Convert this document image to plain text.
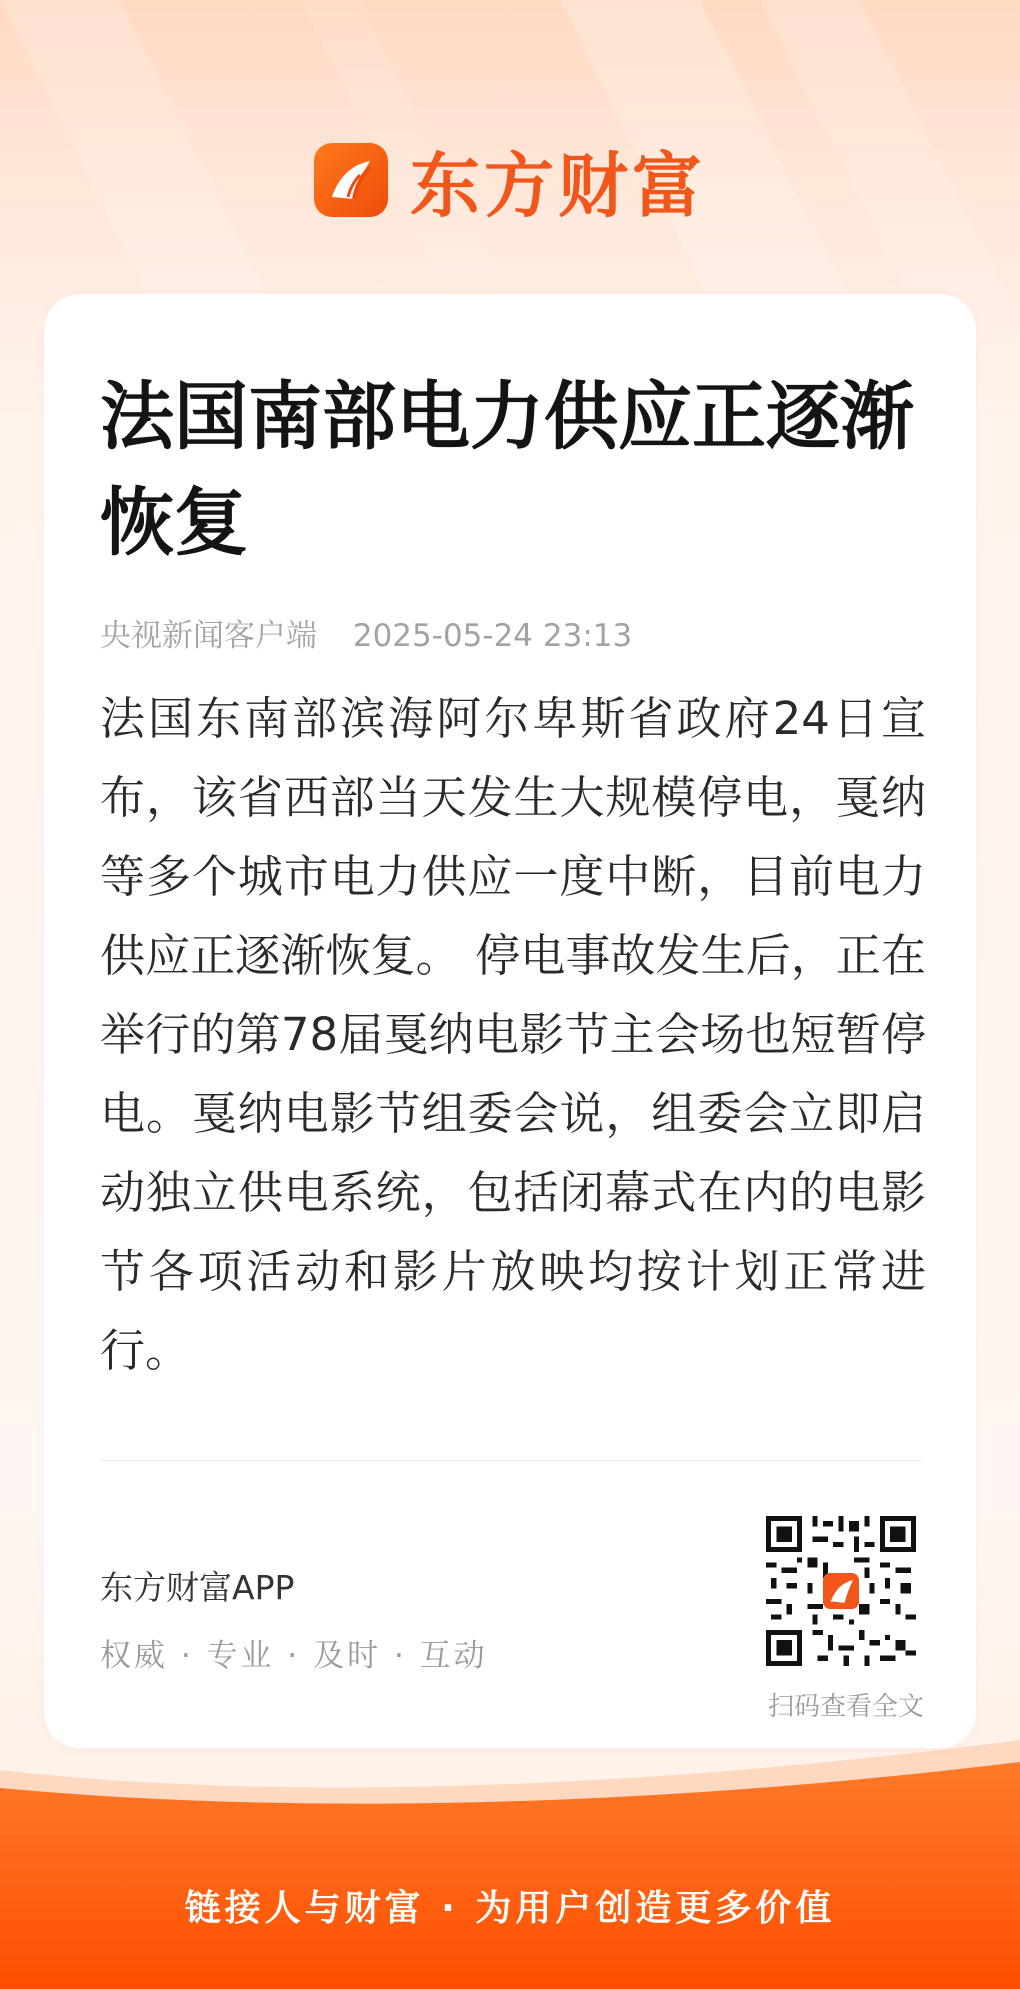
东方财富
法国南部电力供应正逐渐恢复
央视新闻客户端 2025-05-24 23:13

法国东南部滨海阿尔卑斯省政府24日宣布，该省西部当天发生大规模停电，戛纳等多个城市电力供应一度中断，目前电力供应正逐渐恢复。 停电事故发生后，正在举行的第78届戛纳电影节主会场也短暂停电。戛纳电影节组委会说，组委会立即启动独立供电系统，包括闭幕式在内的电影节各项活动和影片放映均按计划正常进行。

东方财富APP
权威 · 专业 · 及时 · 互动
扫码查看全文
链接人与财富 · 为用户创造更多价值
